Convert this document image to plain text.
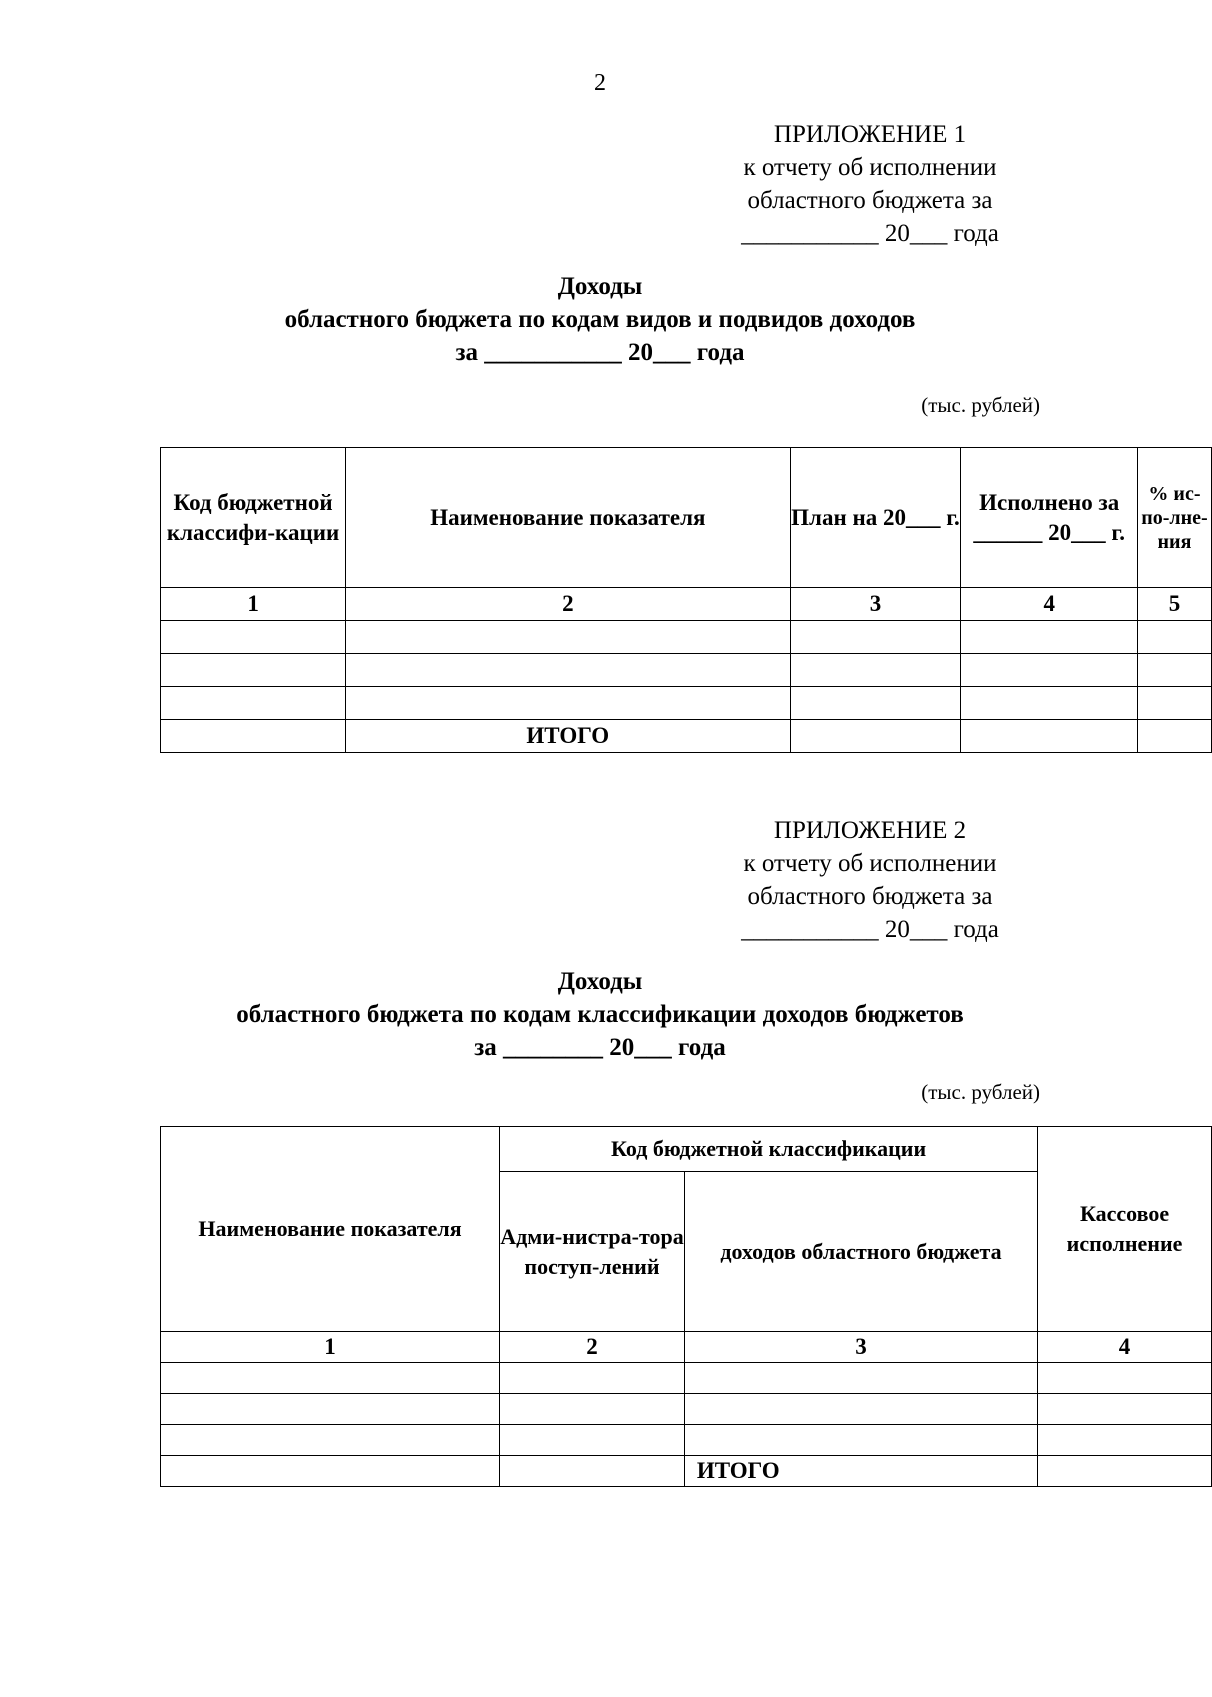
2
ПРИЛОЖЕНИЕ 1
к отчету об исполнении
областного бюджета за
___________ 20___ года
Доходы
областного бюджета по кодам видов и подвидов доходов
за ___________ 20___ года
(тыс. рублей)
Код бюджетной классифи-кации	Наименование показателя	План на 20___ г.	Исполнено за ______ 20___ г.	% ис-по-лне-ния
1	2	3	4	5

	ИТОГО			
ПРИЛОЖЕНИЕ 2
к отчету об исполнении
областного бюджета за
___________ 20___ года
Доходы
областного бюджета по кодам классификации доходов бюджетов
за ________ 20___ года
(тыс. рублей)
Наименование показателя	Код бюджетной классификации		Кассовое исполнение
	Адми-нистра-тора поступ-лений	доходов областного бюджета	
1	2	3	4

		ИТОГО	
